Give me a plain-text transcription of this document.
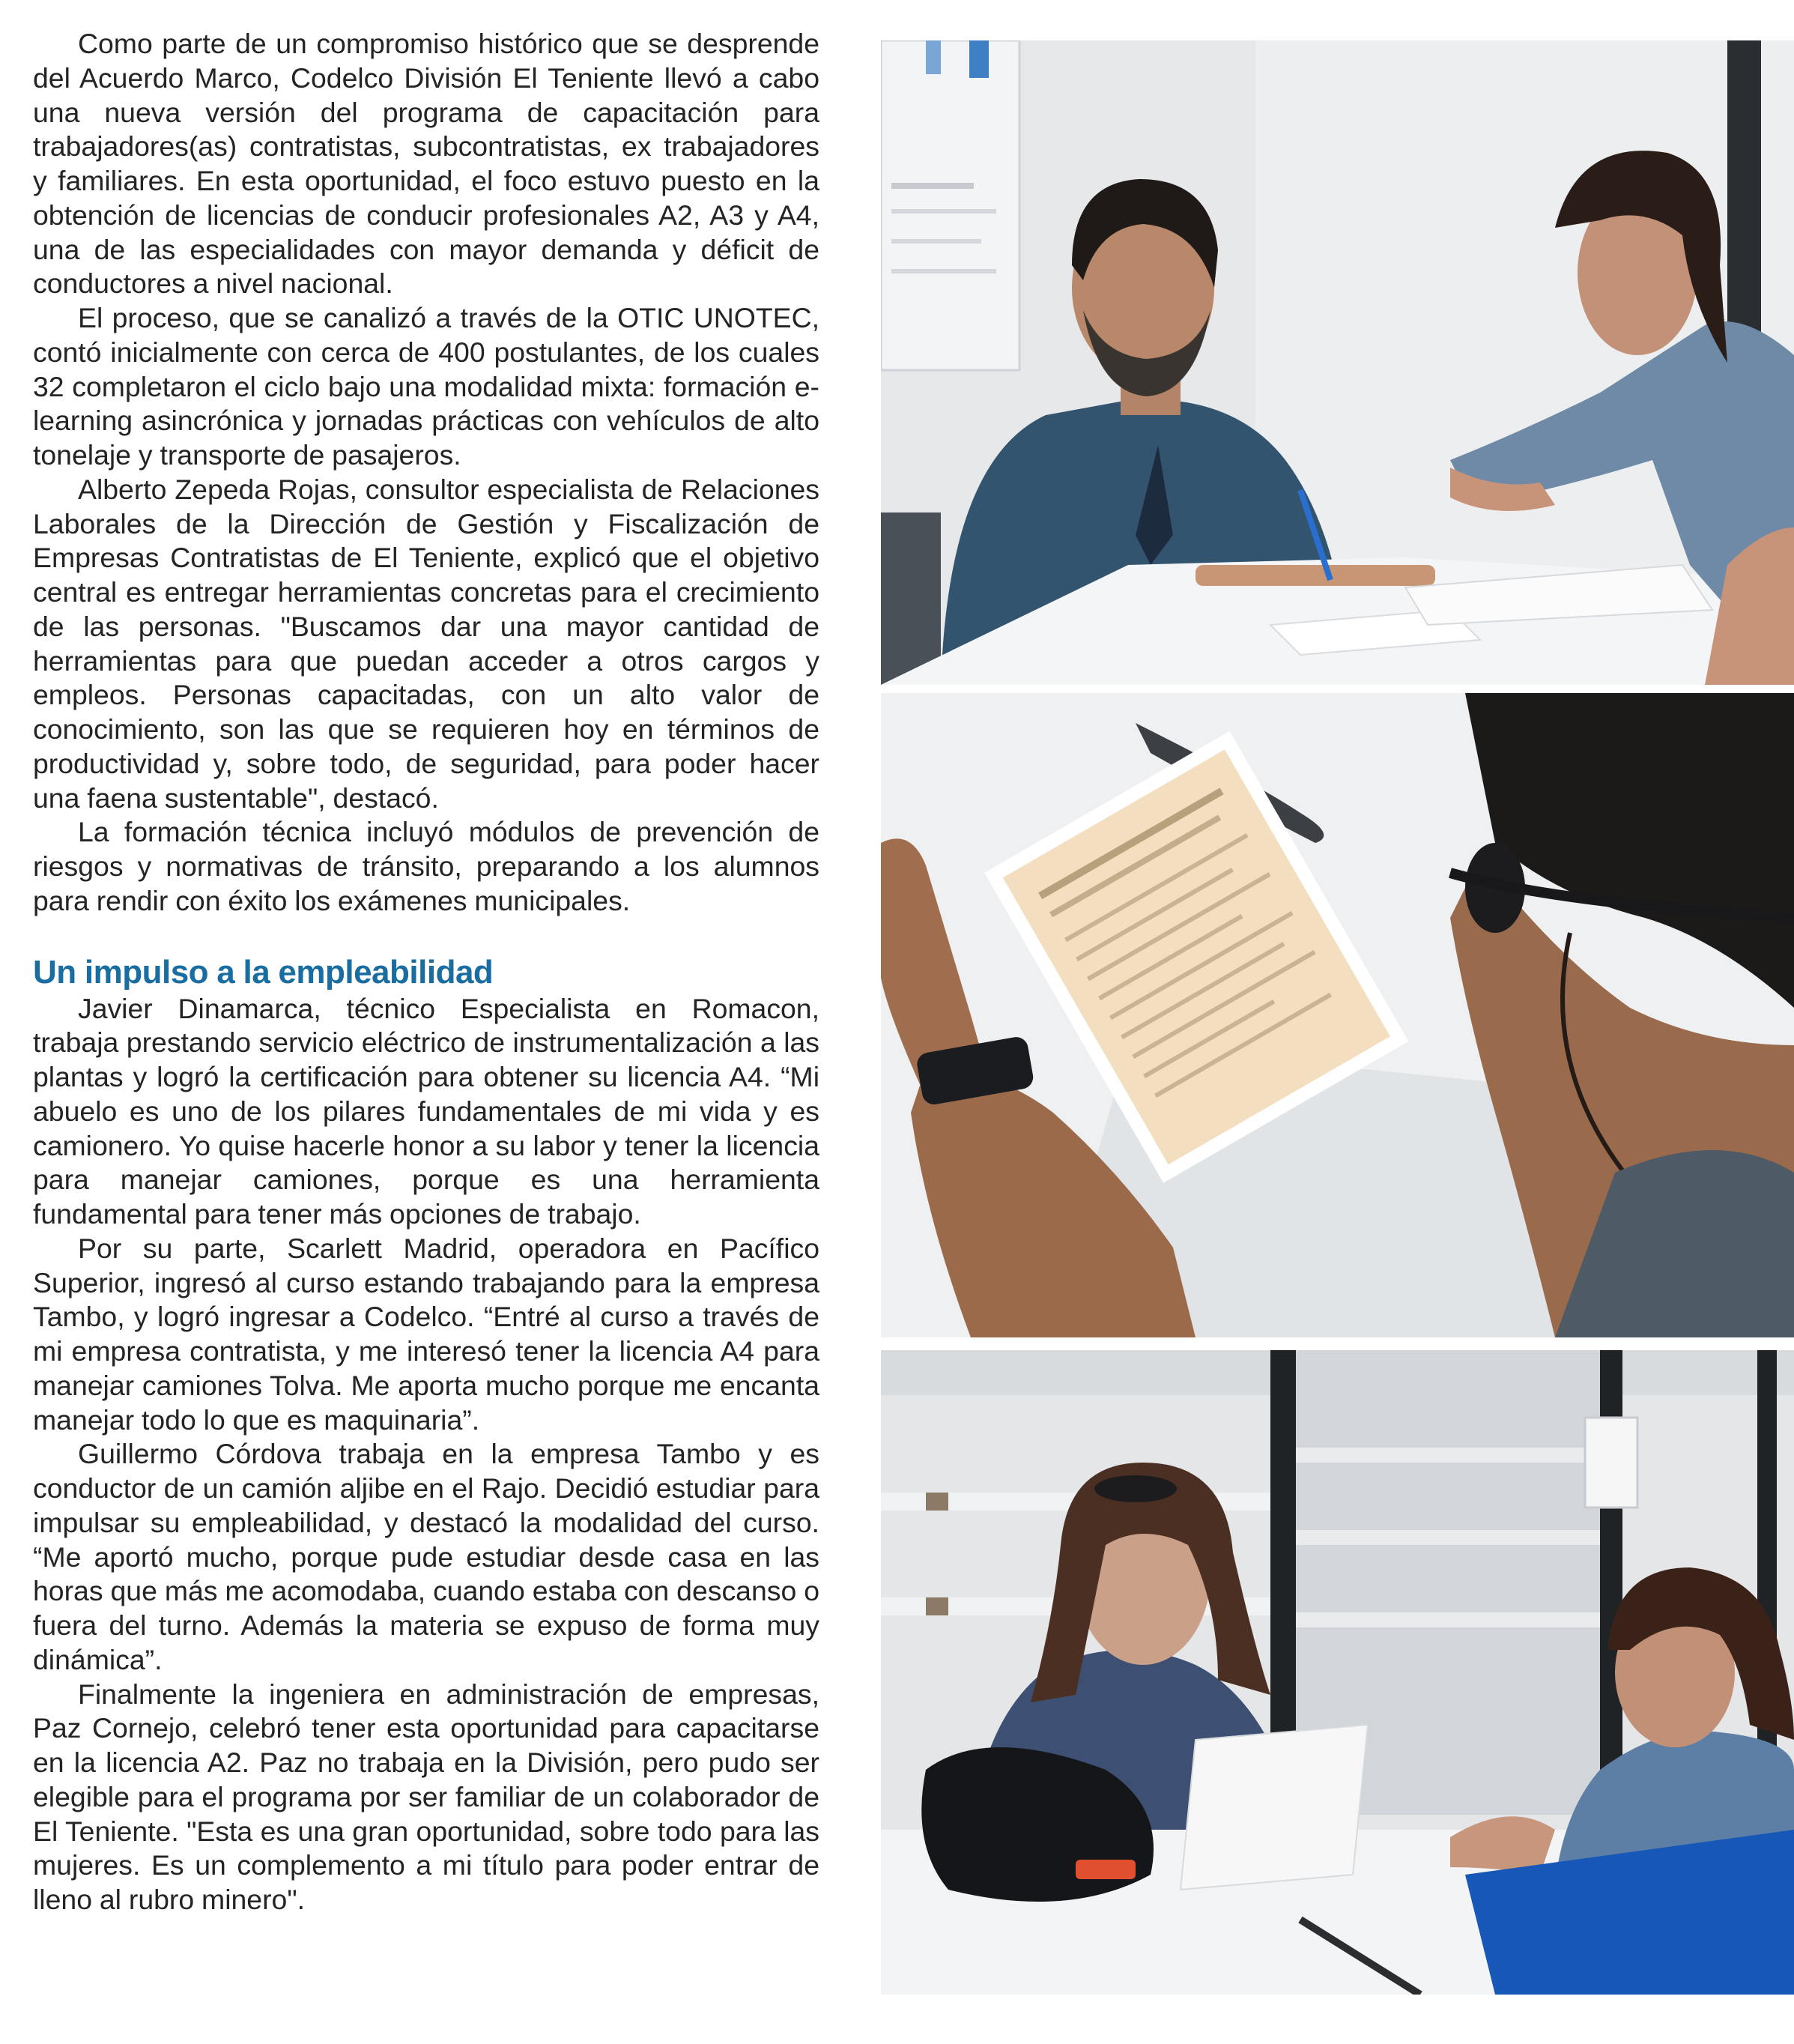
Como parte de un compromiso histórico que se desprende del Acuerdo Marco, Codelco División El Teniente llevó a cabo una nueva versión del programa de capacitación para trabajadores(as) contratistas, subcontratistas, ex trabajadores y familiares. En esta oportunidad, el foco estuvo puesto en la obtención de licencias de conducir profesionales A2, A3 y A4, una de las especialidades con mayor demanda y déficit de conductores a nivel nacional.

El proceso, que se canalizó a través de la OTIC UNOTEC, contó inicialmente con cerca de 400 postulantes, de los cuales 32 completaron el ciclo bajo una modalidad mixta: formación e-learning asincrónica y jornadas prácticas con vehículos de alto tonelaje y transporte de pasajeros.

Alberto Zepeda Rojas, consultor especialista de Relaciones Laborales de la Dirección de Gestión y Fiscalización de Empresas Contratistas de El Teniente, explicó que el objetivo central es entregar herramientas concretas para el crecimiento de las personas. "Buscamos dar una mayor cantidad de herramientas para que puedan acceder a otros cargos y empleos. Personas capacitadas, con un alto valor de conocimiento, son las que se requieren hoy en términos de productividad y, sobre todo, de seguridad, para poder hacer una faena sustentable", destacó.

La formación técnica incluyó módulos de prevención de riesgos y normativas de tránsito, preparando a los alumnos para rendir con éxito los exámenes municipales.

Un impulso a la empleabilidad

Javier Dinamarca, técnico Especialista en Romacon, trabaja prestando servicio eléctrico de instrumentalización a las plantas y logró la certificación para obtener su licencia A4. “Mi abuelo es uno de los pilares fundamentales de mi vida y es camionero. Yo quise hacerle honor a su labor y tener la licencia para manejar camiones, porque es una herramienta fundamental para tener más opciones de trabajo.

Por su parte, Scarlett Madrid, operadora en Pacífico Superior, ingresó al curso estando trabajando para la empresa Tambo, y logró ingresar a Codelco. “Entré al curso a través de mi empresa contratista, y me interesó tener la licencia A4 para manejar camiones Tolva. Me aporta mucho porque me encanta manejar todo lo que es maquinaria”.

Guillermo Córdova trabaja en la empresa Tambo y es conductor de un camión aljibe en el Rajo. Decidió estudiar para impulsar su empleabilidad, y destacó la modalidad del curso. “Me aportó mucho, porque pude estudiar desde casa en las horas que más me acomodaba, cuando estaba con descanso o fuera del turno. Además la materia se expuso de forma muy dinámica”.

Finalmente la ingeniera en administración de empresas, Paz Cornejo, celebró tener esta oportunidad para capacitarse en la licencia A2. Paz no trabaja en la División, pero pudo ser elegible para el programa por ser familiar de un colaborador de El Teniente. "Esta es una gran oportunidad, sobre todo para las mujeres. Es un complemento a mi título para poder entrar de lleno al rubro minero".
